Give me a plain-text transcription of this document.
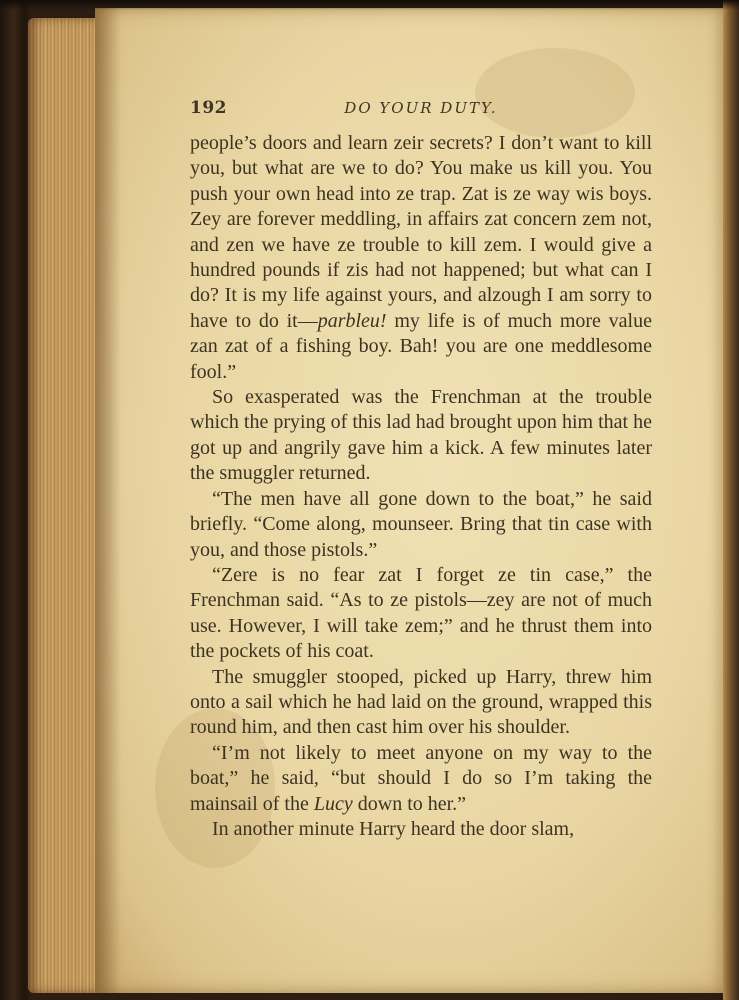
192	DO YOUR DUTY.

people’s doors and learn zeir secrets? I don’t want to kill you, but what are we to do? You make us kill you. You push your own head into ze trap. Zat is ze way wis boys. Zey are forever meddling, in affairs zat concern zem not, and zen we have ze trouble to kill zem. I would give a hundred pounds if zis had not happened; but what can I do? It is my life against yours, and alzough I am sorry to have to do it—parbleu! my life is of much more value zan zat of a fishing boy. Bah! you are one meddlesome fool.”

So exasperated was the Frenchman at the trouble which the prying of this lad had brought upon him that he got up and angrily gave him a kick. A few minutes later the smuggler returned.

“The men have all gone down to the boat,” he said briefly. “Come along, mounseer. Bring that tin case with you, and those pistols.”

“Zere is no fear zat I forget ze tin case,” the Frenchman said. “As to ze pistols—zey are not of much use. However, I will take zem;” and he thrust them into the pockets of his coat.

The smuggler stooped, picked up Harry, threw him onto a sail which he had laid on the ground, wrapped this round him, and then cast him over his shoulder.

“I’m not likely to meet anyone on my way to the boat,” he said, “but should I do so I’m taking the mainsail of the Lucy down to her.”

In another minute Harry heard the door slam,
